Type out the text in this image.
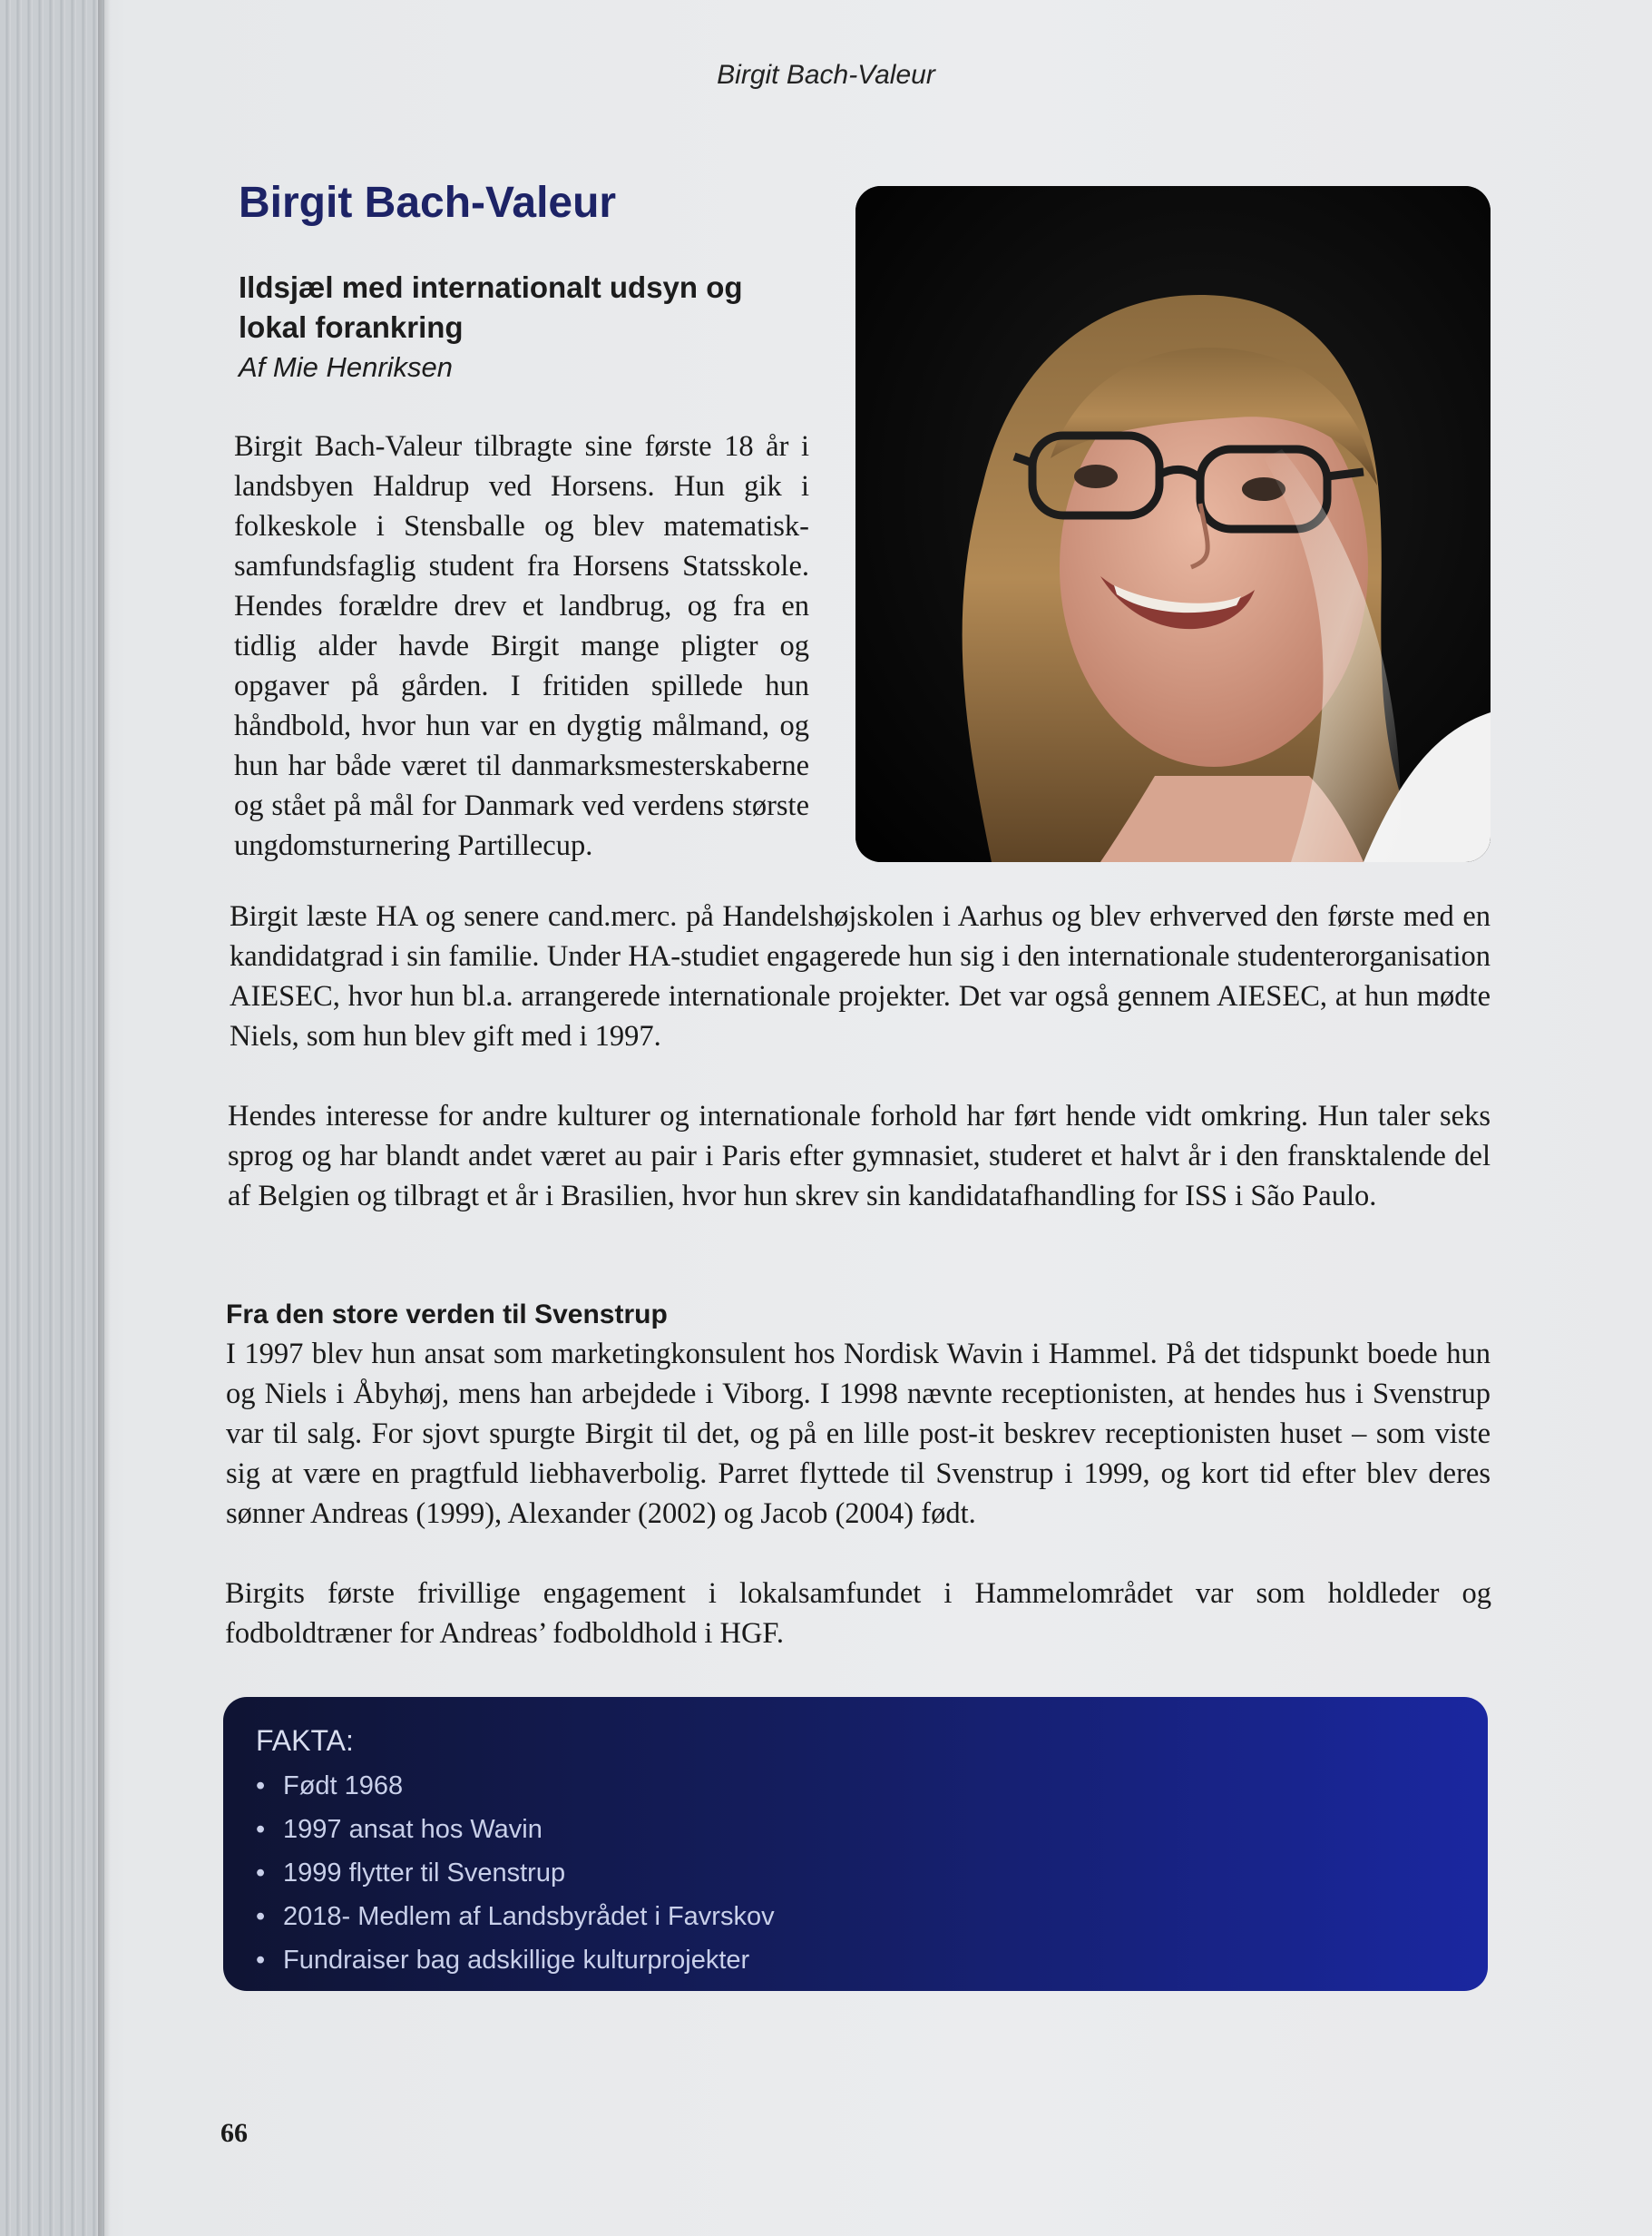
Birgit Bach-Valeur
Birgit Bach-Valeur
Ildsjæl med internationalt udsyn og lokal forankring
Af Mie Henriksen

Birgit Bach-Valeur tilbragte sine første 18 år i landsbyen Haldrup ved Horsens. Hun gik i folkeskole i Stensballe og blev matematisk-samfundsfaglig student fra Horsens Statsskole. Hendes forældre drev et landbrug, og fra en tidlig alder havde Birgit mange pligter og opgaver på gården. I fritiden spillede hun håndbold, hvor hun var en dygtig målmand, og hun har både været til danmarksmesterskaberne og stået på mål for Danmark ved verdens største ungdomsturnering Partillecup.

Birgit læste HA og senere cand.merc. på Handelshøjskolen i Aarhus og blev erhverved den første med en kandidatgrad i sin familie. Under HA-studiet engagerede hun sig i den internationale studenterorganisation AIESEC, hvor hun bl.a. arrangerede internationale projekter. Det var også gennem AIESEC, at hun mødte Niels, som hun blev gift med i 1997.

Hendes interesse for andre kulturer og internationale forhold har ført hende vidt omkring. Hun taler seks sprog og har blandt andet været au pair i Paris efter gymnasiet, studeret et halvt år i den fransktalende del af Belgien og tilbragt et år i Brasilien, hvor hun skrev sin kandidatafhandling for ISS i São Paulo.

Fra den store verden til Svenstrup

I 1997 blev hun ansat som marketingkonsulent hos Nordisk Wavin i Hammel. På det tidspunkt boede hun og Niels i Åbyhøj, mens han arbejdede i Viborg. I 1998 nævnte receptionisten, at hendes hus i Svenstrup var til salg. For sjovt spurgte Birgit til det, og på en lille post-it beskrev receptionisten huset – som viste sig at være en pragtfuld liebhaverbolig. Parret flyttede til Svenstrup i 1999, og kort tid efter blev deres sønner Andreas (1999), Alexander (2002) og Jacob (2004) født.

Birgits første frivillige engagement i lokalsamfundet i Hammelområdet var som holdleder og fodboldtræner for Andreas’ fodboldhold i HGF.

FAKTA:
• Født 1968
• 1997 ansat hos Wavin
• 1999 flytter til Svenstrup
• 2018- Medlem af Landsbyrådet i Favrskov
• Fundraiser bag adskillige kulturprojekter
66
